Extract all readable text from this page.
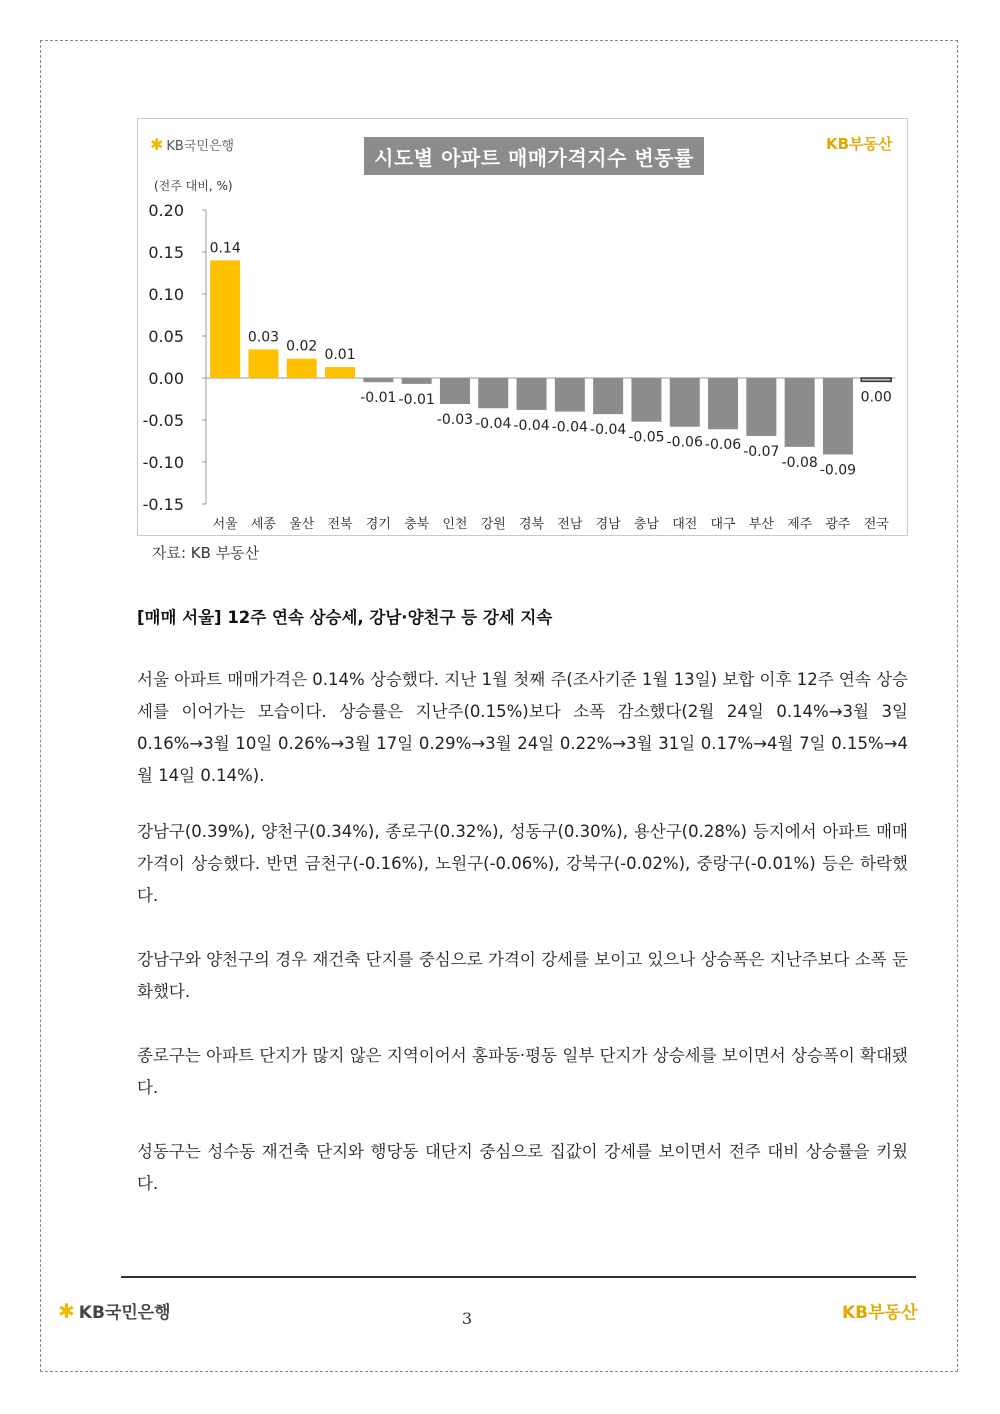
✱ KB국민은행	시도별 아파트 매매가격지수 변동률
KB부동산
(전주 대비, %)
0.20
0.15
0.10
0.05
0.00
-0.05
-0.10
-0.15
0.14
서울
0.03
세종
0.02
울산
0.01
전북
-0.01
경기
-0.01
충북
-0.03
인천
-0.04
강원
-0.04
경북
-0.04
전남
-0.04
경남
-0.05
충남
-0.06
대전
-0.06
대구
-0.07
부산
-0.08
제주
-0.09
광주
0.00
전국
자료: KB 부동산
[매매 서울] 12주 연속 상승세, 강남·양천구 등 강세 지속

서울 아파트 매매가격은 0.14% 상승했다. 지난 1월 첫째 주(조사기준 1월 13일) 보합 이후 12주 연속 상승세를 이어가는 모습이다. 상승률은 지난주(0.15%)보다 소폭 감소했다(2월 24일 0.14%→3월 3일 0.16%→3월 10일 0.26%→3월 17일 0.29%→3월 24일 0.22%→3월 31일 0.17%→4월 7일 0.15%→4월 14일 0.14%).

강남구(0.39%), 양천구(0.34%), 종로구(0.32%), 성동구(0.30%), 용산구(0.28%) 등지에서 아파트 매매가격이 상승했다. 반면 금천구(-0.16%), 노원구(-0.06%), 강북구(-0.02%), 중랑구(-0.01%) 등은 하락했다.

강남구와 양천구의 경우 재건축 단지를 중심으로 가격이 강세를 보이고 있으나 상승폭은 지난주보다 소폭 둔화했다.

종로구는 아파트 단지가 많지 않은 지역이어서 홍파동·평동 일부 단지가 상승세를 보이면서 상승폭이 확대됐다.

성동구는 성수동 재건축 단지와 행당동 대단지 중심으로 집값이 강세를 보이면서 전주 대비 상승률을 키웠다.

✱ KB국민은행	3	KB부동산
